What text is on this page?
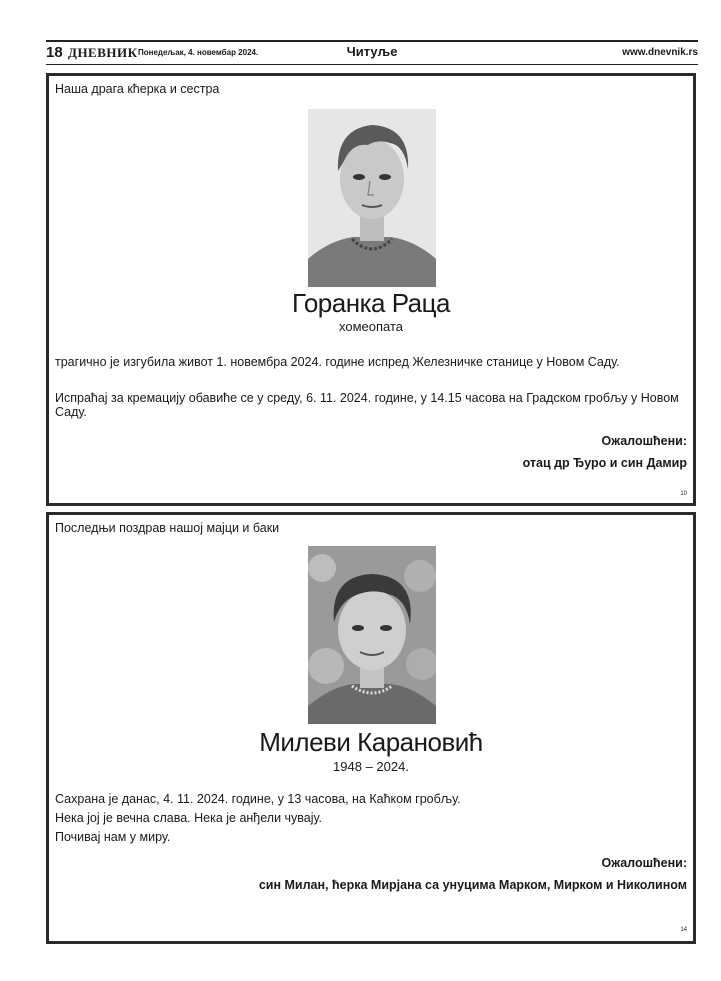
18 ДНЕВНИК Понедељак, 4. новембар 2024.	Читуље	www.dnevnik.rs
Наша драга кћерка и сестра
Горанка Раца
хомеопата
трагично је изгубила живот 1. новембра 2024. године испред Железничке станице у Новом Саду.
Испраћај за кремацију обавиће се у среду, 6. 11. 2024. године, у 14.15 часова на Градском гробљу у Новом Саду.
Ожалошћени:
отац др Ђуро и син Дамир
10
Последњи поздрав нашој мајци и баки
Милеви Карановић
1948 – 2024.
Сахрана је данас, 4. 11. 2024. године, у 13 часова, на Каћком гробљу.
Нека јој је вечна слава. Нека је анђели чувају.
Почивај нам у миру.
Ожалошћени:
син Милан, ћерка Мирјана са унуцима Марком, Мирком и Николином
14
